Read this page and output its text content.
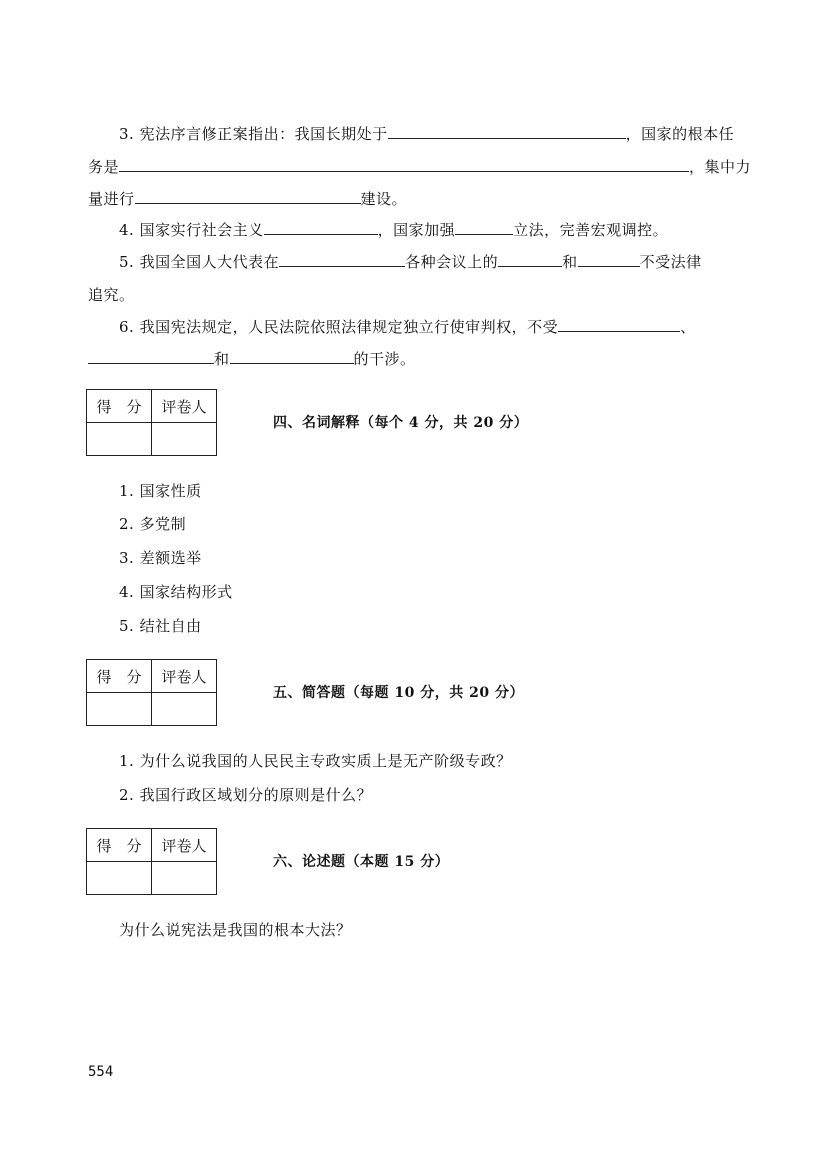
3. 宪法序言修正案指出：我国长期处于	，国家的根本任
务是	，集中力
量进行	建设。
4. 国家实行社会主义	，国家加强	立法，完善宏观调控。
5. 我国全国人大代表在	各种会议上的	和	不受法律
追究。
6. 我国宪法规定，人民法院依照法律规定独立行使审判权，不受	、
和	的干涉。
得　分	评卷人

四、名词解释（每个 4 分，共 20 分）
1. 国家性质
2. 多党制
3. 差额选举
4. 国家结构形式
5. 结社自由
得　分	评卷人

五、简答题（每题 10 分，共 20 分）
1. 为什么说我国的人民民主专政实质上是无产阶级专政？
2. 我国行政区域划分的原则是什么？
得　分	评卷人

六、论述题（本题 15 分）
为什么说宪法是我国的根本大法？
554
